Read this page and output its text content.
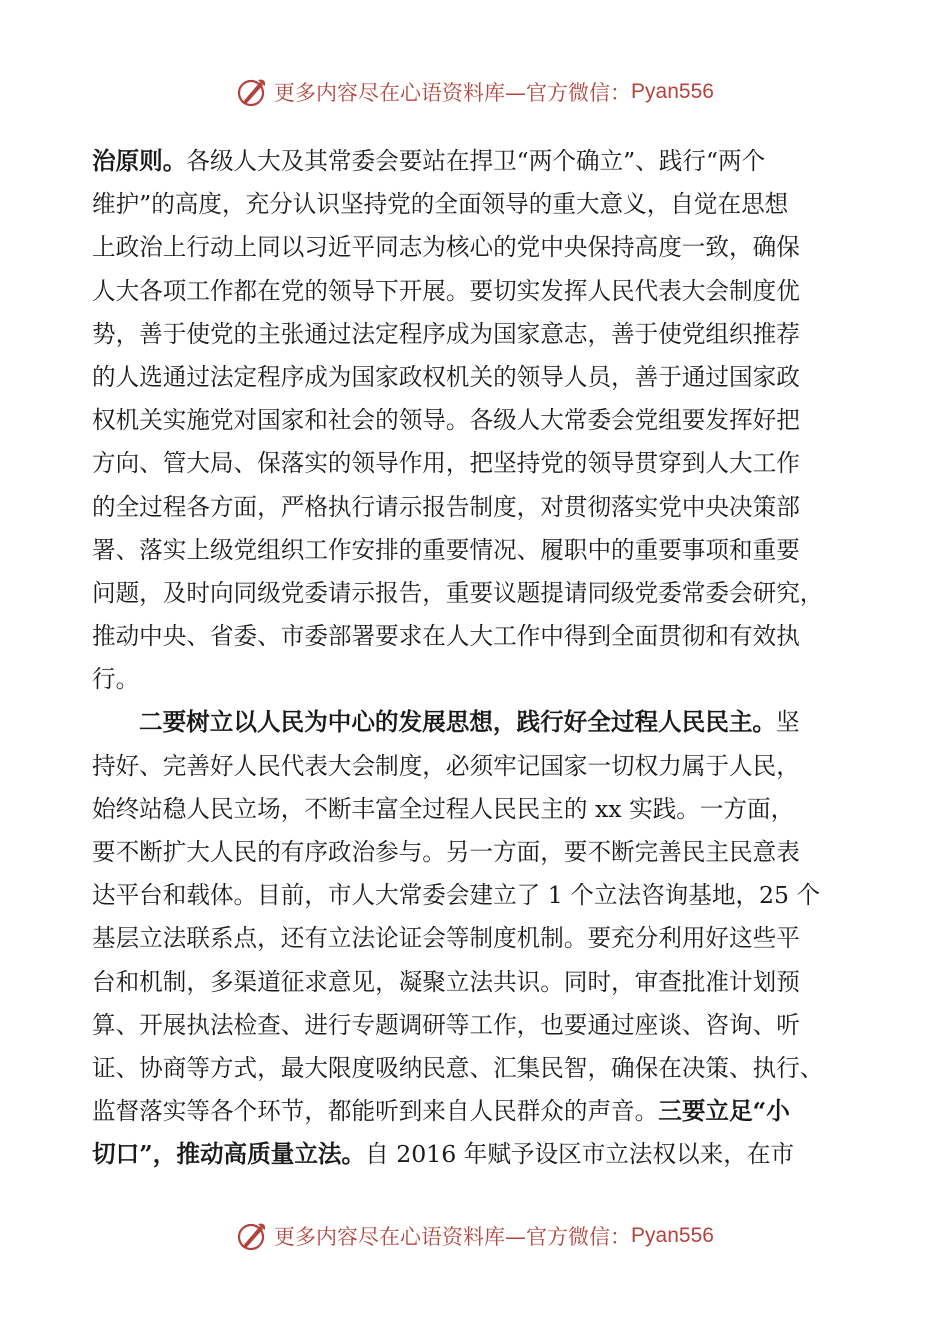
更多内容尽在心语资料库—官方微信： Pyan556
治原则。各级人大及其常委会要站在捍卫“两个确立”、践行“两个
维护”的高度，充分认识坚持党的全面领导的重大意义，自觉在思想
上政治上行动上同以习近平同志为核心的党中央保持高度一致，确保
人大各项工作都在党的领导下开展。要切实发挥人民代表大会制度优
势，善于使党的主张通过法定程序成为国家意志，善于使党组织推荐
的人选通过法定程序成为国家政权机关的领导人员，善于通过国家政
权机关实施党对国家和社会的领导。各级人大常委会党组要发挥好把
方向、管大局、保落实的领导作用，把坚持党的领导贯穿到人大工作
的全过程各方面，严格执行请示报告制度，对贯彻落实党中央决策部
署、落实上级党组织工作安排的重要情况、履职中的重要事项和重要
问题，及时向同级党委请示报告，重要议题提请同级党委常委会研究，
推动中央、省委、市委部署要求在人大工作中得到全面贯彻和有效执
行。
二要树立以人民为中心的发展思想，践行好全过程人民民主。坚
持好、完善好人民代表大会制度，必须牢记国家一切权力属于人民，
始终站稳人民立场，不断丰富全过程人民民主的 xx 实践。一方面，
要不断扩大人民的有序政治参与。另一方面，要不断完善民主民意表
达平台和载体。目前，市人大常委会建立了 1 个立法咨询基地，25 个
基层立法联系点，还有立法论证会等制度机制。要充分利用好这些平
台和机制，多渠道征求意见，凝聚立法共识。同时，审查批准计划预
算、开展执法检查、进行专题调研等工作，也要通过座谈、咨询、听
证、协商等方式，最大限度吸纳民意、汇集民智，确保在决策、执行、
监督落实等各个环节，都能听到来自人民群众的声音。三要立足“小
切口”，推动高质量立法。自 2016 年赋予设区市立法权以来，在市
更多内容尽在心语资料库—官方微信： Pyan556
